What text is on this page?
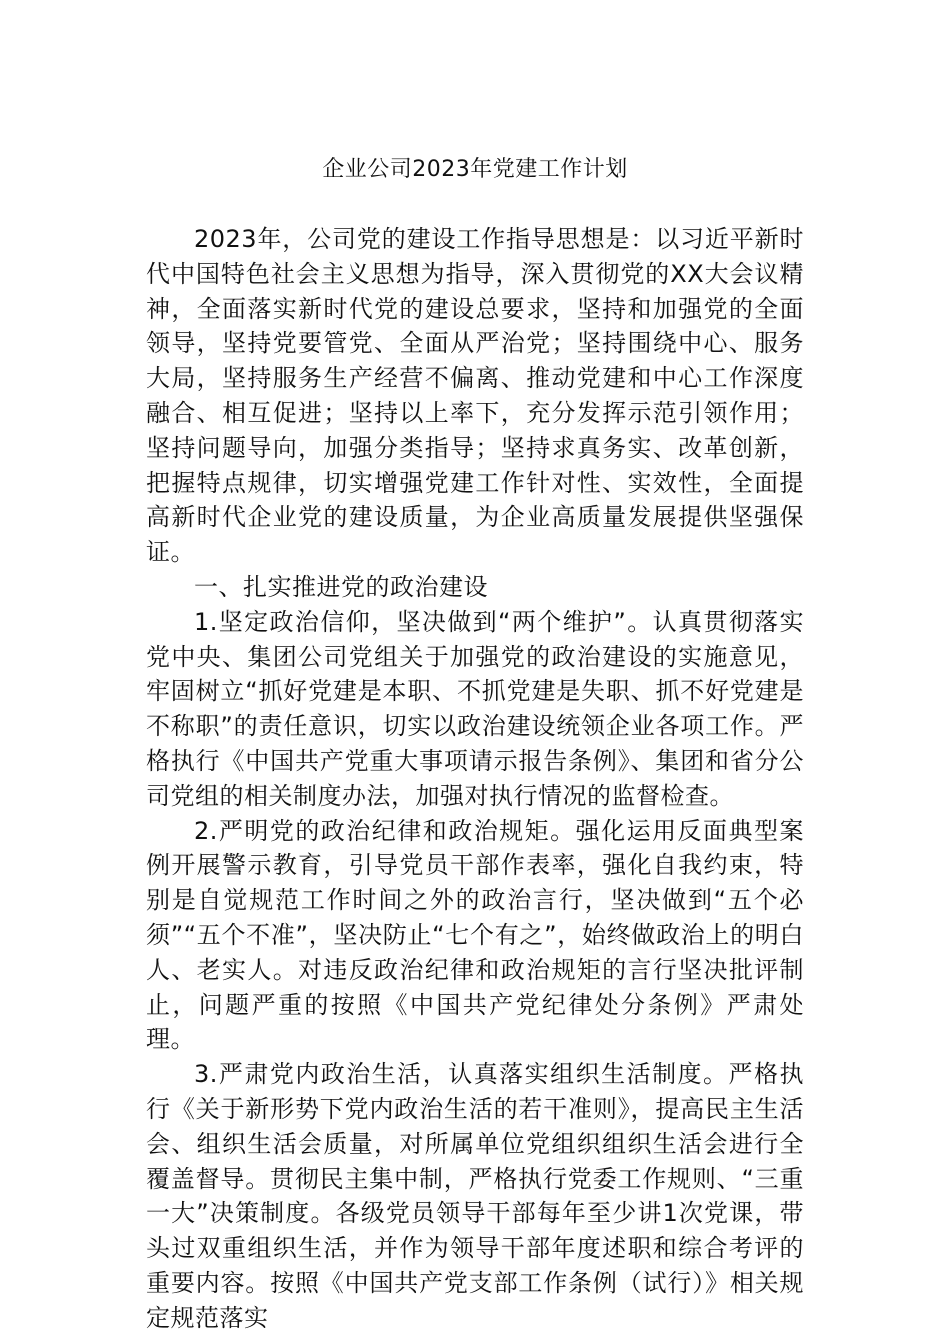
企业公司2023年党建工作计划

2023年，公司党的建设工作指导思想是：以习近平新时代中国特色社会主义思想为指导，深入贯彻党的XX大会议精神，全面落实新时代党的建设总要求，坚持和加强党的全面领导，坚持党要管党、全面从严治党；坚持围绕中心、服务大局，坚持服务生产经营不偏离、推动党建和中心工作深度融合、相互促进；坚持以上率下，充分发挥示范引领作用；坚持问题导向，加强分类指导；坚持求真务实、改革创新，把握特点规律，切实增强党建工作针对性、实效性，全面提高新时代企业党的建设质量，为企业高质量发展提供坚强保证。

一、扎实推进党的政治建设

1.坚定政治信仰，坚决做到“两个维护”。认真贯彻落实党中央、集团公司党组关于加强党的政治建设的实施意见，牢固树立“抓好党建是本职、不抓党建是失职、抓不好党建是不称职”的责任意识，切实以政治建设统领企业各项工作。严格执行《中国共产党重大事项请示报告条例》、集团和省分公司党组的相关制度办法，加强对执行情况的监督检查。

2.严明党的政治纪律和政治规矩。强化运用反面典型案例开展警示教育，引导党员干部作表率，强化自我约束，特别是自觉规范工作时间之外的政治言行，坚决做到“五个必须”“五个不准”，坚决防止“七个有之”，始终做政治上的明白人、老实人。对违反政治纪律和政治规矩的言行坚决批评制止，问题严重的按照《中国共产党纪律处分条例》严肃处理。

3.严肃党内政治生活，认真落实组织生活制度。严格执行《关于新形势下党内政治生活的若干准则》，提高民主生活会、组织生活会质量，对所属单位党组织组织生活会进行全覆盖督导。贯彻民主集中制，严格执行党委工作规则、“三重一大”决策制度。各级党员领导干部每年至少讲1次党课，带头过双重组织生活，并作为领导干部年度述职和综合考评的重要内容。按照《中国共产党支部工作条例（试行）》相关规定规范落实
